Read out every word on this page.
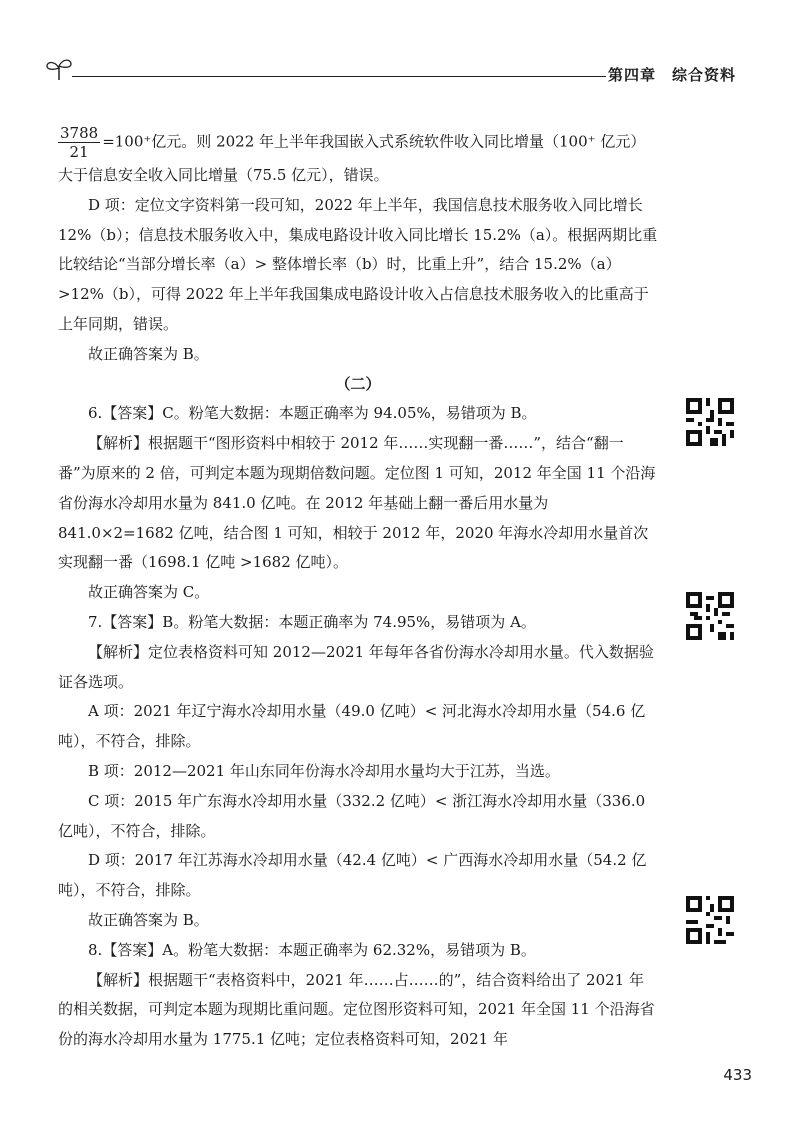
第四章 综合资料

$\frac{3788}{21} =100^+$亿元。则 2022 年上半年我国嵌入式系统软件收入同比增量（100⁺ 亿元）

大于信息安全收入同比增量（75.5 亿元），错误。

D 项：定位文字资料第一段可知，2022 年上半年，我国信息技术服务收入同比增长 12%（b）；信息技术服务收入中，集成电路设计收入同比增长 15.2%（a）。根据两期比重比较结论“当部分增长率（a）> 整体增长率（b）时，比重上升”，结合 15.2%（a）>12%（b），可得 2022 年上半年我国集成电路设计收入占信息技术服务收入的比重高于上年同期，错误。

故正确答案为 B。

（二）

6.【答案】C。粉笔大数据：本题正确率为 94.05%，易错项为 B。

【解析】根据题干“图形资料中相较于 2012 年……实现翻一番……”，结合“翻一番”为原来的 2 倍，可判定本题为现期倍数问题。定位图 1 可知，2012 年全国 11 个沿海省份海水冷却用水量为 841.0 亿吨。在 2012 年基础上翻一番后用水量为 841.0×2=1682 亿吨，结合图 1 可知，相较于 2012 年，2020 年海水冷却用水量首次实现翻一番（1698.1 亿吨 >1682 亿吨）。

故正确答案为 C。

7.【答案】B。粉笔大数据：本题正确率为 74.95%，易错项为 A。

【解析】定位表格资料可知 2012—2021 年每年各省份海水冷却用水量。代入数据验证各选项。

A 项：2021 年辽宁海水冷却用水量（49.0 亿吨）< 河北海水冷却用水量（54.6 亿吨），不符合，排除。

B 项：2012—2021 年山东同年份海水冷却用水量均大于江苏，当选。

C 项：2015 年广东海水冷却用水量（332.2 亿吨）< 浙江海水冷却用水量（336.0 亿吨），不符合，排除。

D 项：2017 年江苏海水冷却用水量（42.4 亿吨）< 广西海水冷却用水量（54.2 亿吨），不符合，排除。

故正确答案为 B。

8.【答案】A。粉笔大数据：本题正确率为 62.32%，易错项为 B。

【解析】根据题干“表格资料中，2021 年……占……的”，结合资料给出了 2021 年的相关数据，可判定本题为现期比重问题。定位图形资料可知，2021 年全国 11 个沿海省份的海水冷却用水量为 1775.1 亿吨；定位表格资料可知，2021 年

433
